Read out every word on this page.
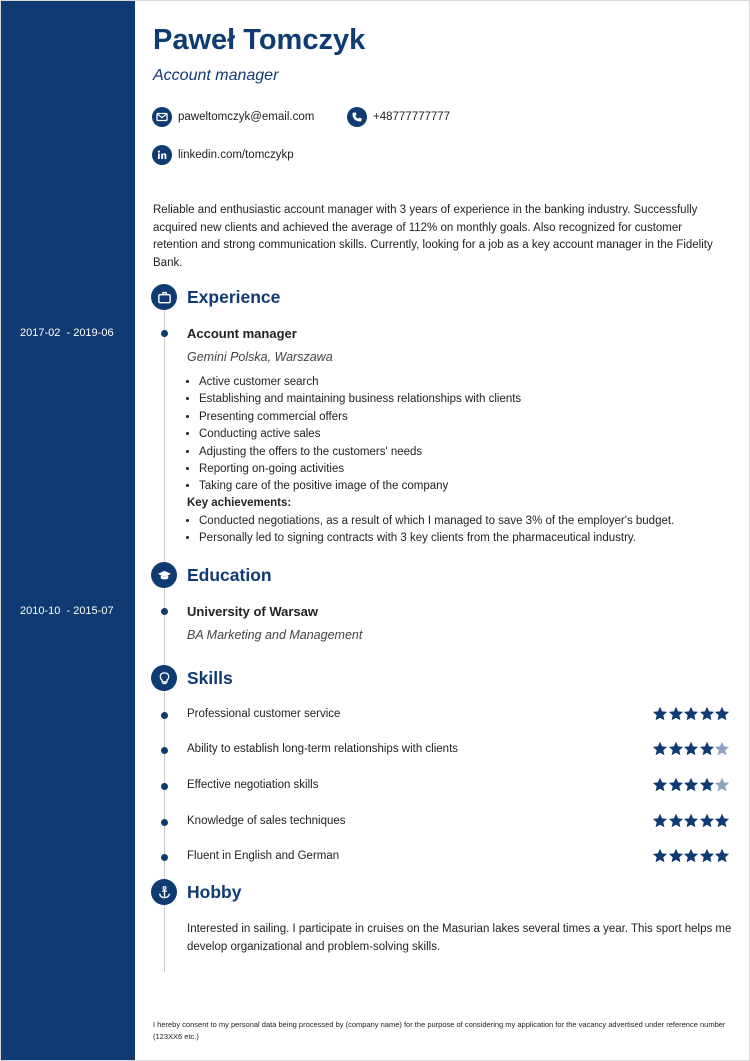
2017-02  - 2019-06
2010-10  - 2015-07
Paweł Tomczyk
Account manager
paweltomczyk@email.com	+48777777777
linkedin.com/tomczykp
Reliable and enthusiastic account manager with 3 years of experience in the banking industry. Successfully acquired new clients and achieved the average of 112% on monthly goals. Also recognized for customer retention and strong communication skills. Currently, looking for a job as a key account manager in the Fidelity Bank.
Experience
Account manager
Gemini Polska, Warszawa
• Active customer search
• Establishing and maintaining business relationships with clients
• Presenting commercial offers
• Conducting active sales
• Adjusting the offers to the customers' needs
• Reporting on-going activities
• Taking care of the positive image of the company
Key achievements:
• Conducted negotiations, as a result of which I managed to save 3% of the employer's budget.
• Personally led to signing contracts with 3 key clients from the pharmaceutical industry.
Education
University of Warsaw
BA Marketing and Management
Skills
Professional customer service
Ability to establish long-term relationships with clients
Effective negotiation skills
Knowledge of sales techniques
Fluent in English and German
Hobby
Interested in sailing. I participate in cruises on the Masurian lakes several times a year. This sport helps me develop organizational and problem-solving skills.
I hereby consent to my personal data being processed by (company name) for the purpose of considering my application for the vacancy advertised under reference number (123XX6 etc.)
